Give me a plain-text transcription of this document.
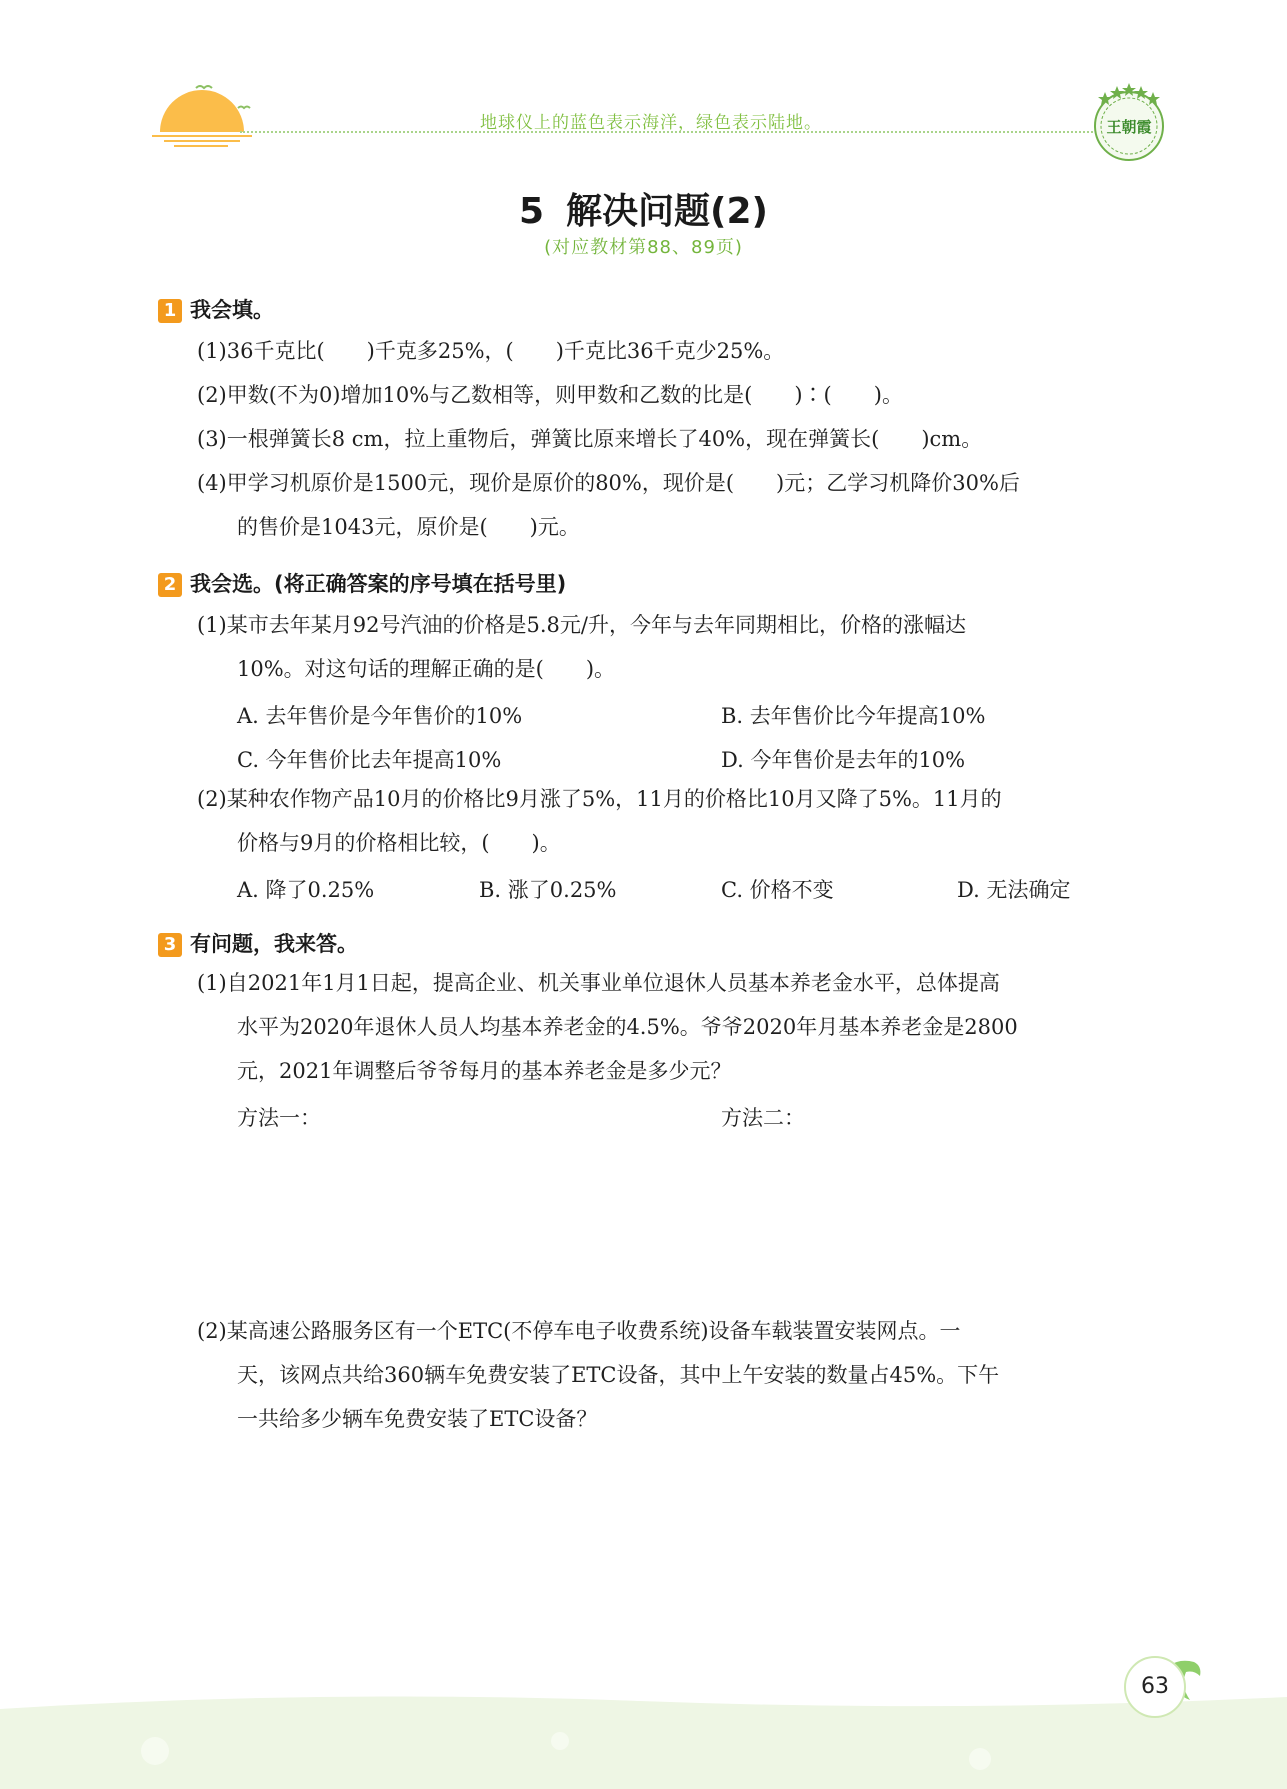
地球仪上的蓝色表示海洋，绿色表示陆地。	王朝霞
5 解决问题(2)
(对应教材第88、89页)
1 我会填。
(1)36千克比(　　)千克多25%，(　　)千克比36千克少25%。
(2)甲数(不为0)增加10%与乙数相等，则甲数和乙数的比是(　　)∶(　　)。
(3)一根弹簧长8 cm，拉上重物后，弹簧比原来增长了40%，现在弹簧长(　　)cm。
(4)甲学习机原价是1500元，现价是原价的80%，现价是(　　)元；乙学习机降价30%后
的售价是1043元，原价是(　　)元。
2 我会选。(将正确答案的序号填在括号里)
(1)某市去年某月92号汽油的价格是5.8元/升，今年与去年同期相比，价格的涨幅达
10%。对这句话的理解正确的是(　　)。
A. 去年售价是今年售价的10%	B. 去年售价比今年提高10%
C. 今年售价比去年提高10%	D. 今年售价是去年的10%
(2)某种农作物产品10月的价格比9月涨了5%，11月的价格比10月又降了5%。11月的
价格与9月的价格相比较，(　　)。
A. 降了0.25%	B. 涨了0.25%	C. 价格不变	D. 无法确定
3 有问题，我来答。
(1)自2021年1月1日起，提高企业、机关事业单位退休人员基本养老金水平，总体提高
水平为2020年退休人员人均基本养老金的4.5%。爷爷2020年月基本养老金是2800
元，2021年调整后爷爷每月的基本养老金是多少元？
方法一：	方法二：
(2)某高速公路服务区有一个ETC(不停车电子收费系统)设备车载装置安装网点。一
天，该网点共给360辆车免费安装了ETC设备，其中上午安装的数量占45%。下午
一共给多少辆车免费安装了ETC设备？
63
